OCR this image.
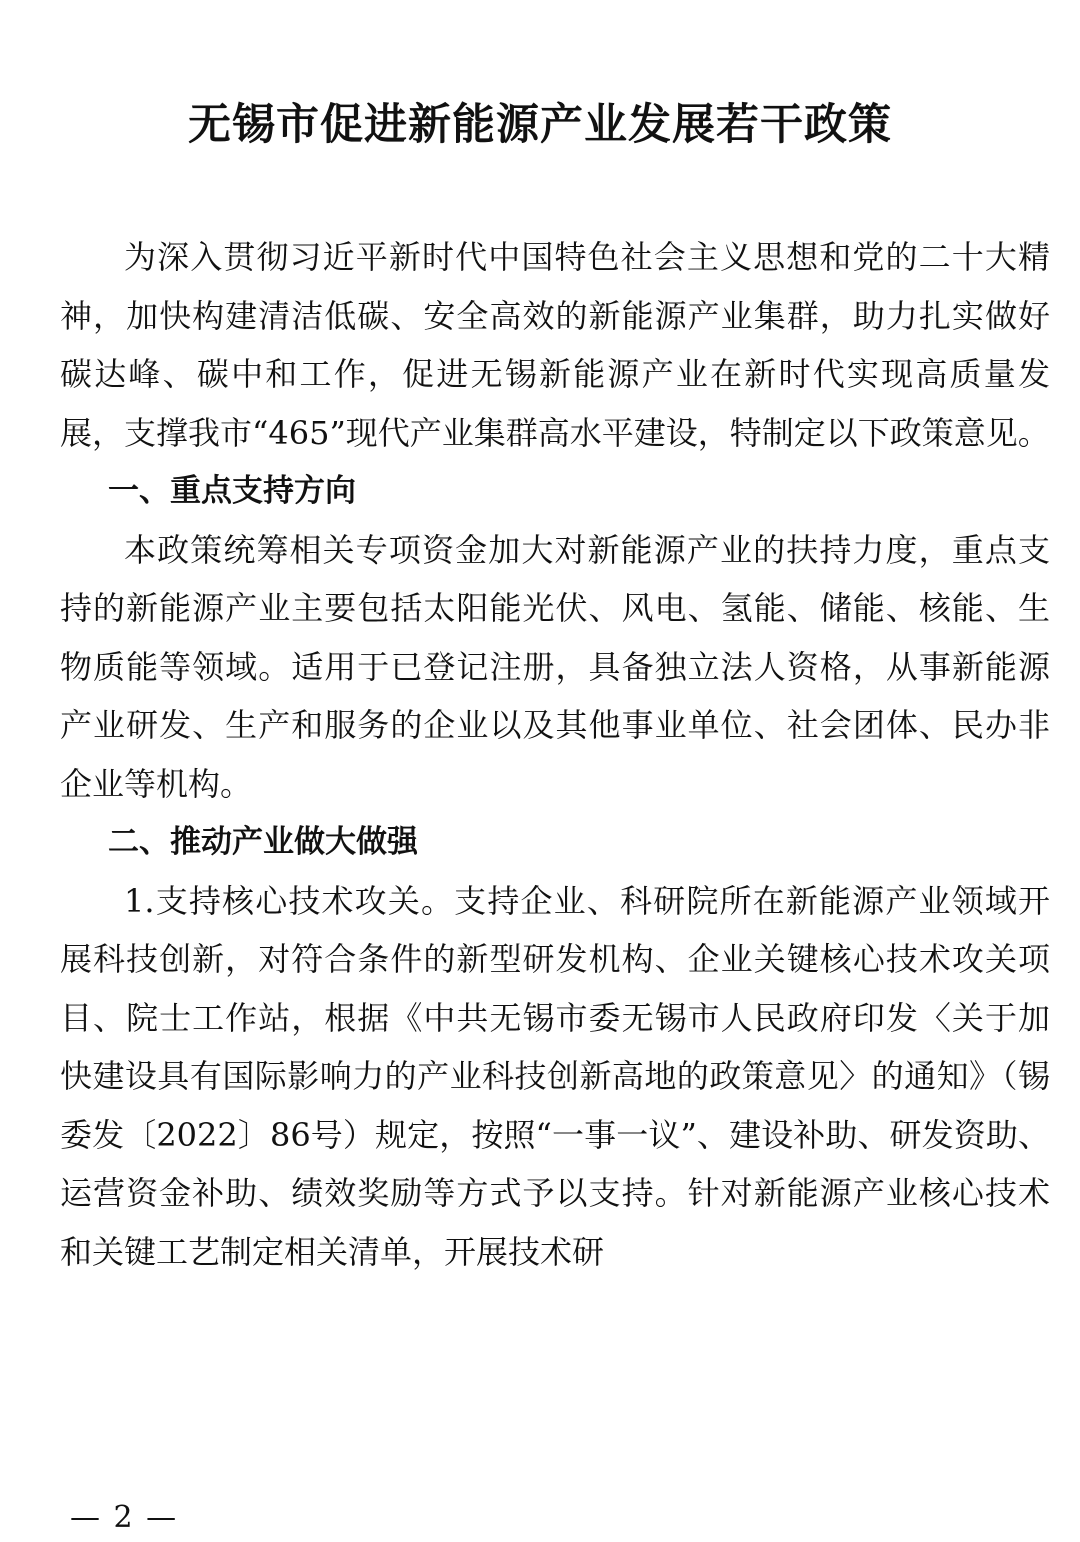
无锡市促进新能源产业发展若干政策

为深入贯彻习近平新时代中国特色社会主义思想和党的二十大精神，加快构建清洁低碳、安全高效的新能源产业集群，助力扎实做好碳达峰、碳中和工作，促进无锡新能源产业在新时代实现高质量发展，支撑我市“465”现代产业集群高水平建设，特制定以下政策意见。

一、重点支持方向

本政策统筹相关专项资金加大对新能源产业的扶持力度，重点支持的新能源产业主要包括太阳能光伏、风电、氢能、储能、核能、生物质能等领域。适用于已登记注册，具备独立法人资格，从事新能源产业研发、生产和服务的企业以及其他事业单位、社会团体、民办非企业等机构。

二、推动产业做大做强

1.支持核心技术攻关。支持企业、科研院所在新能源产业领域开展科技创新，对符合条件的新型研发机构、企业关键核心技术攻关项目、院士工作站，根据《中共无锡市委无锡市人民政府印发〈关于加快建设具有国际影响力的产业科技创新高地的政策意见〉的通知》（锡委发〔2022〕86号）规定，按照“一事一议”、建设补助、研发资助、运营资金补助、绩效奖励等方式予以支持。针对新能源产业核心技术和关键工艺制定相关清单，开展技术研

— 2 —
